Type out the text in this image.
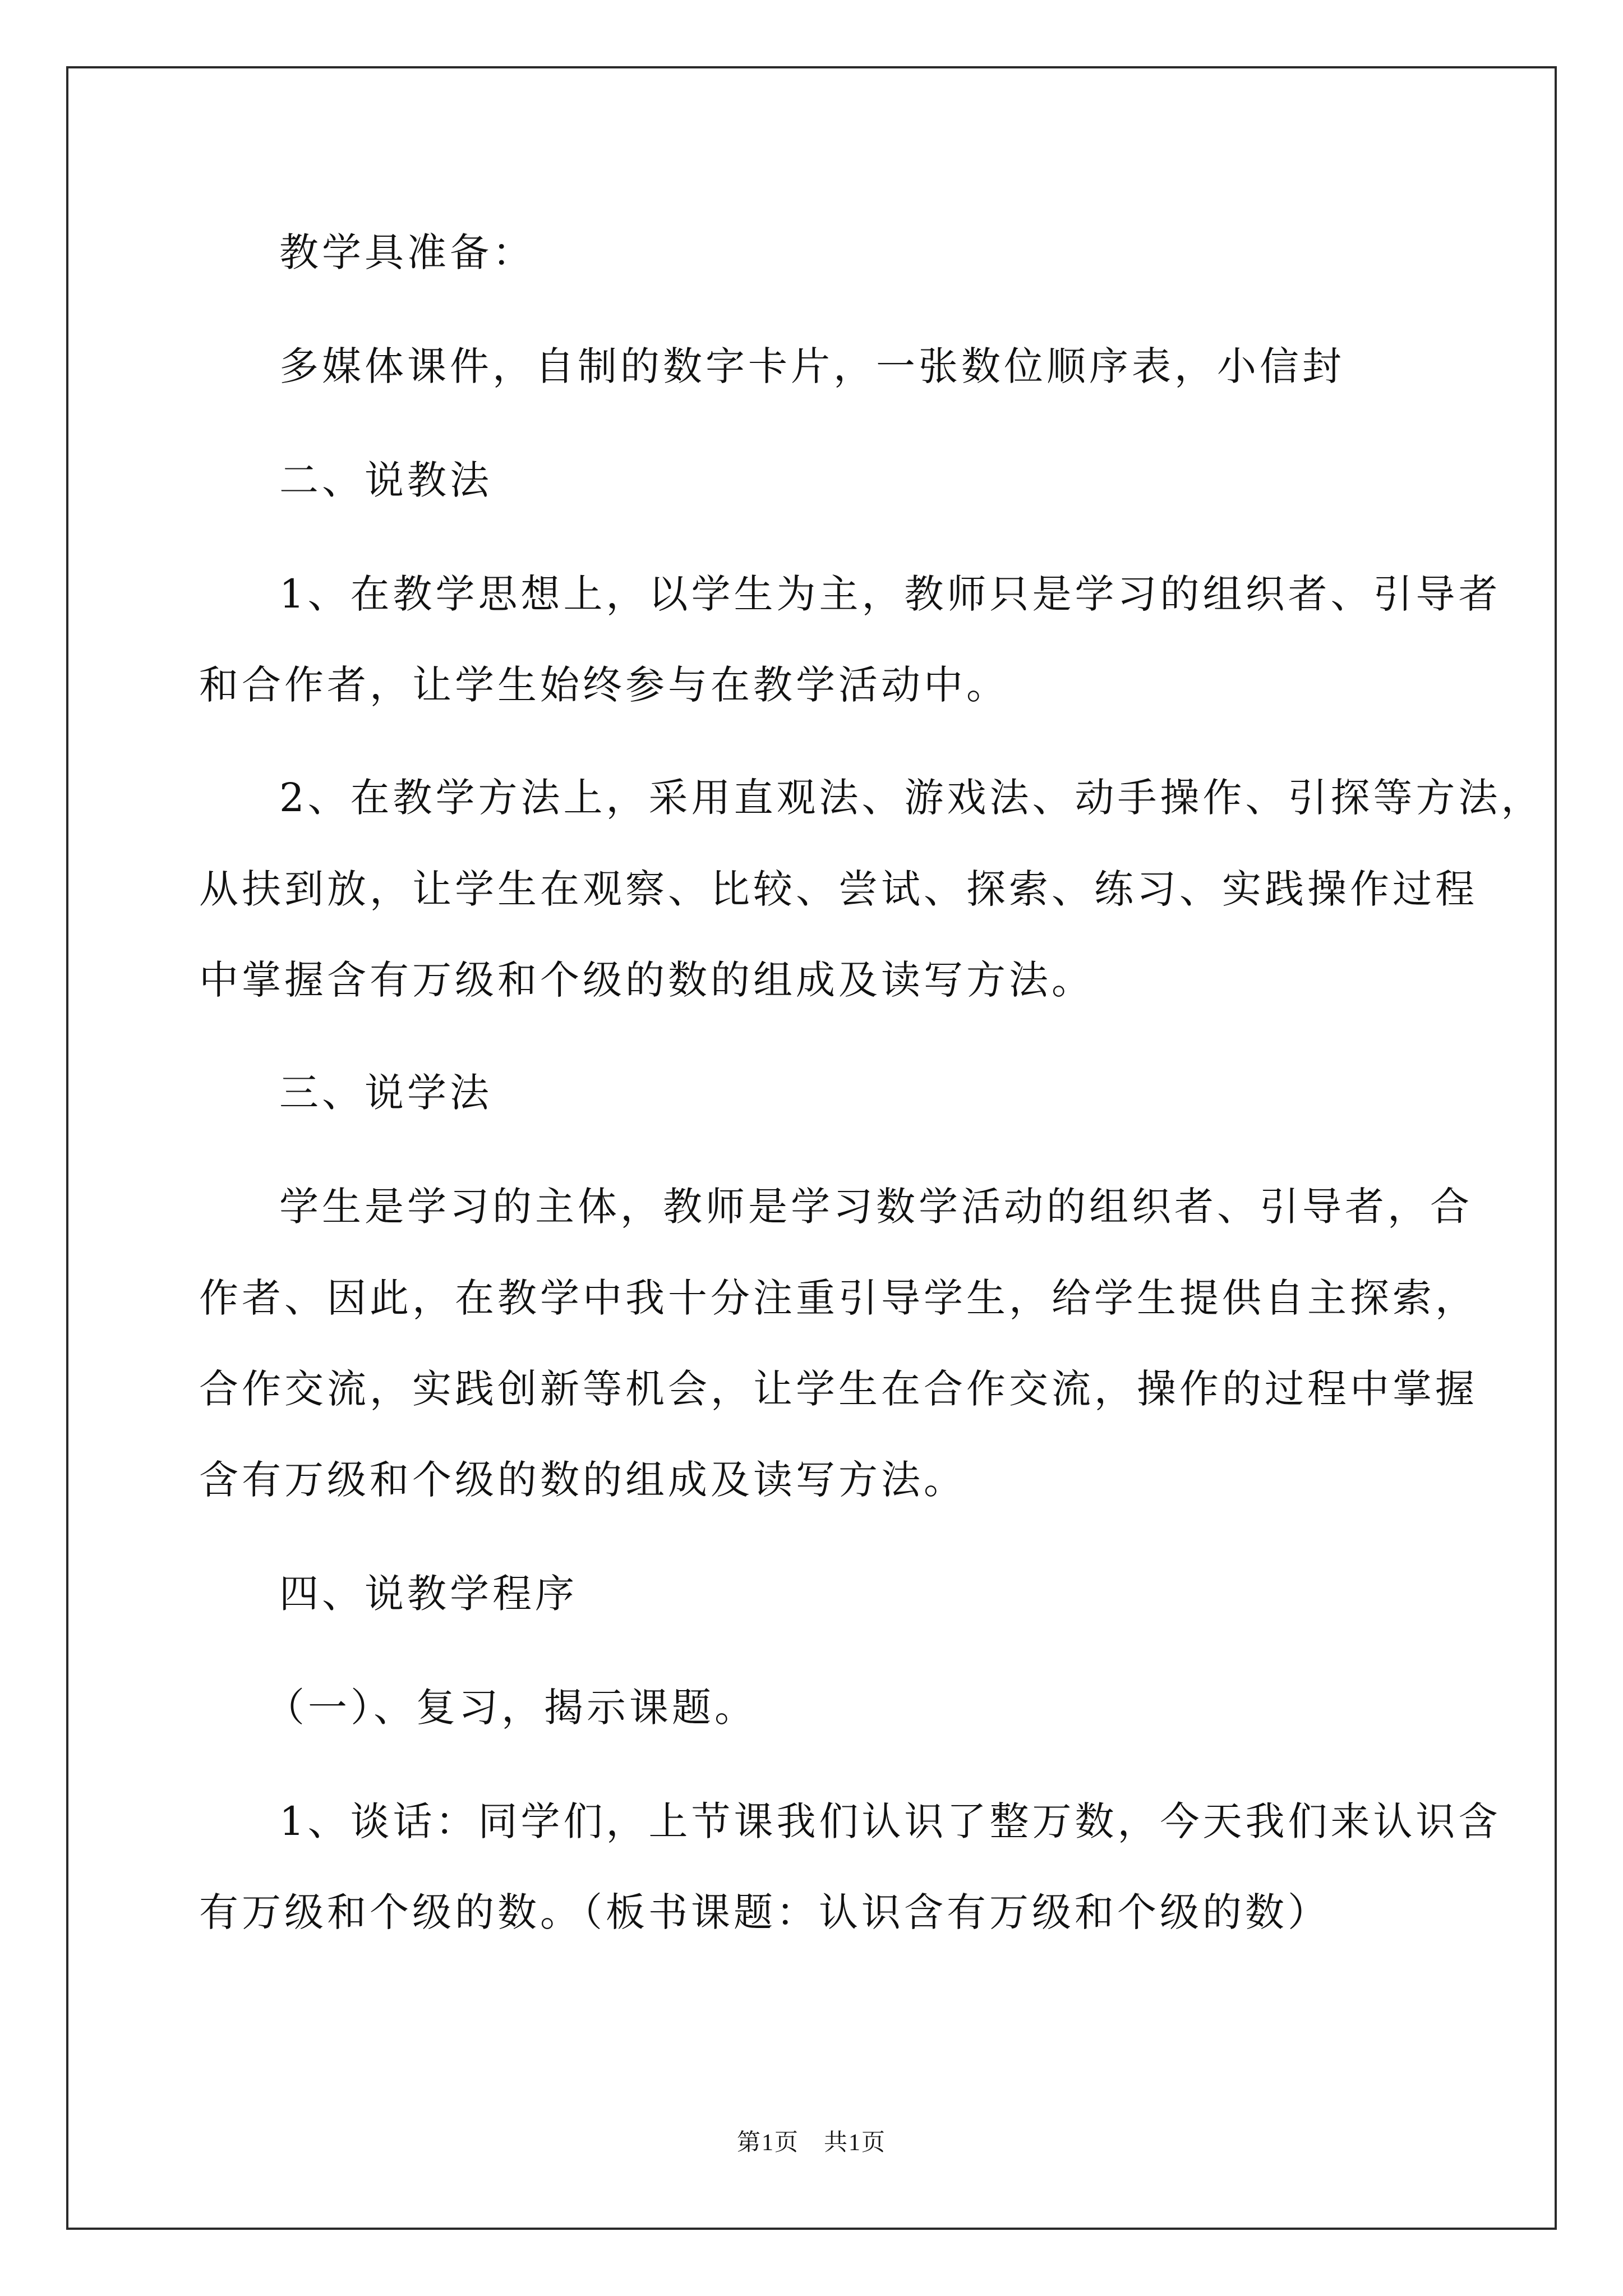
教学具准备：
多媒体课件，自制的数字卡片，一张数位顺序表，小信封
二、说教法
1、在教学思想上，以学生为主，教师只是学习的组织者、引导者
和合作者，让学生始终参与在教学活动中。
2、在教学方法上，采用直观法、游戏法、动手操作、引探等方法，
从扶到放，让学生在观察、比较、尝试、探索、练习、实践操作过程
中掌握含有万级和个级的数的组成及读写方法。
三、说学法
学生是学习的主体，教师是学习数学活动的组织者、引导者，合
作者、因此，在教学中我十分注重引导学生，给学生提供自主探索，
合作交流，实践创新等机会，让学生在合作交流，操作的过程中掌握
含有万级和个级的数的组成及读写方法。
四、说教学程序
（一）、复习，揭示课题。
1、谈话：同学们，上节课我们认识了整万数，今天我们来认识含
有万级和个级的数。（板书课题：认识含有万级和个级的数）
第1页 共1页
